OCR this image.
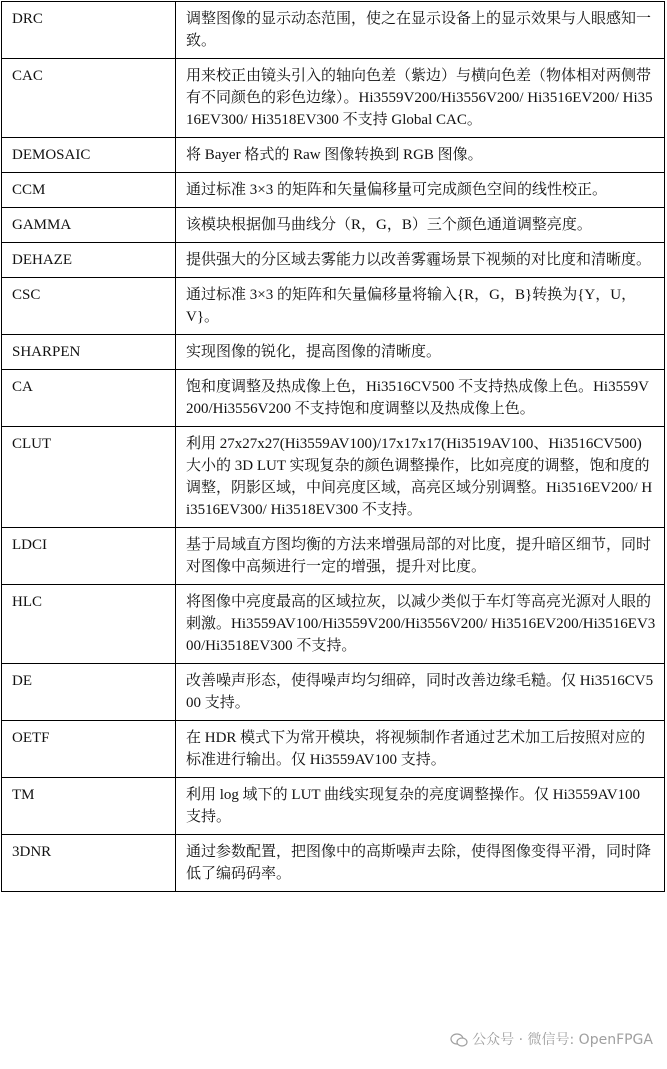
DRC	调整图像的显示动态范围，使之在显示设备上的显示效果与人眼感知一致。
CAC	用来校正由镜头引入的轴向色差（紫边）与横向色差（物体相对两侧带有不同颜色的彩色边缘）。Hi3559V200/Hi3556V200/ Hi3516EV200/ Hi3516EV300/ Hi3518EV300 不支持 Global CAC。
DEMOSAIC	将 Bayer 格式的 Raw 图像转换到 RGB 图像。
CCM	通过标准 3×3 的矩阵和矢量偏移量可完成颜色空间的线性校正。
GAMMA	该模块根据伽马曲线分（R，G，B）三个颜色通道调整亮度。
DEHAZE	提供强大的分区域去雾能力以改善雾霾场景下视频的对比度和清晰度。
CSC	通过标准 3×3 的矩阵和矢量偏移量将输入{R，G，B}转换为{Y，U，V}。
SHARPEN	实现图像的锐化，提高图像的清晰度。
CA	饱和度调整及热成像上色，Hi3516CV500 不支持热成像上色。Hi3559V200/Hi3556V200 不支持饱和度调整以及热成像上色。
CLUT	利用 27x27x27(Hi3559AV100)/17x17x17(Hi3519AV100、Hi3516CV500)大小的 3D LUT 实现复杂的颜色调整操作，比如亮度的调整，饱和度的调整，阴影区域，中间亮度区域，高亮区域分别调整。Hi3516EV200/ Hi3516EV300/ Hi3518EV300 不支持。
LDCI	基于局域直方图均衡的方法来增强局部的对比度，提升暗区细节，同时对图像中高频进行一定的增强，提升对比度。
HLC	将图像中亮度最高的区域拉灰，以减少类似于车灯等高亮光源对人眼的刺激。Hi3559AV100/Hi3559V200/Hi3556V200/ Hi3516EV200/Hi3516EV300/Hi3518EV300 不支持。
DE	改善噪声形态，使得噪声均匀细碎，同时改善边缘毛糙。仅 Hi3516CV500 支持。
OETF	在 HDR 模式下为常开模块，将视频制作者通过艺术加工后按照对应的标准进行输出。仅 Hi3559AV100 支持。
TM	利用 log 域下的 LUT 曲线实现复杂的亮度调整操作。仅 Hi3559AV100 支持。
3DNR	通过参数配置，把图像中的高斯噪声去除，使得图像变得平滑，同时降低了编码码率。
公众号 · 微信号: OpenFPGA
